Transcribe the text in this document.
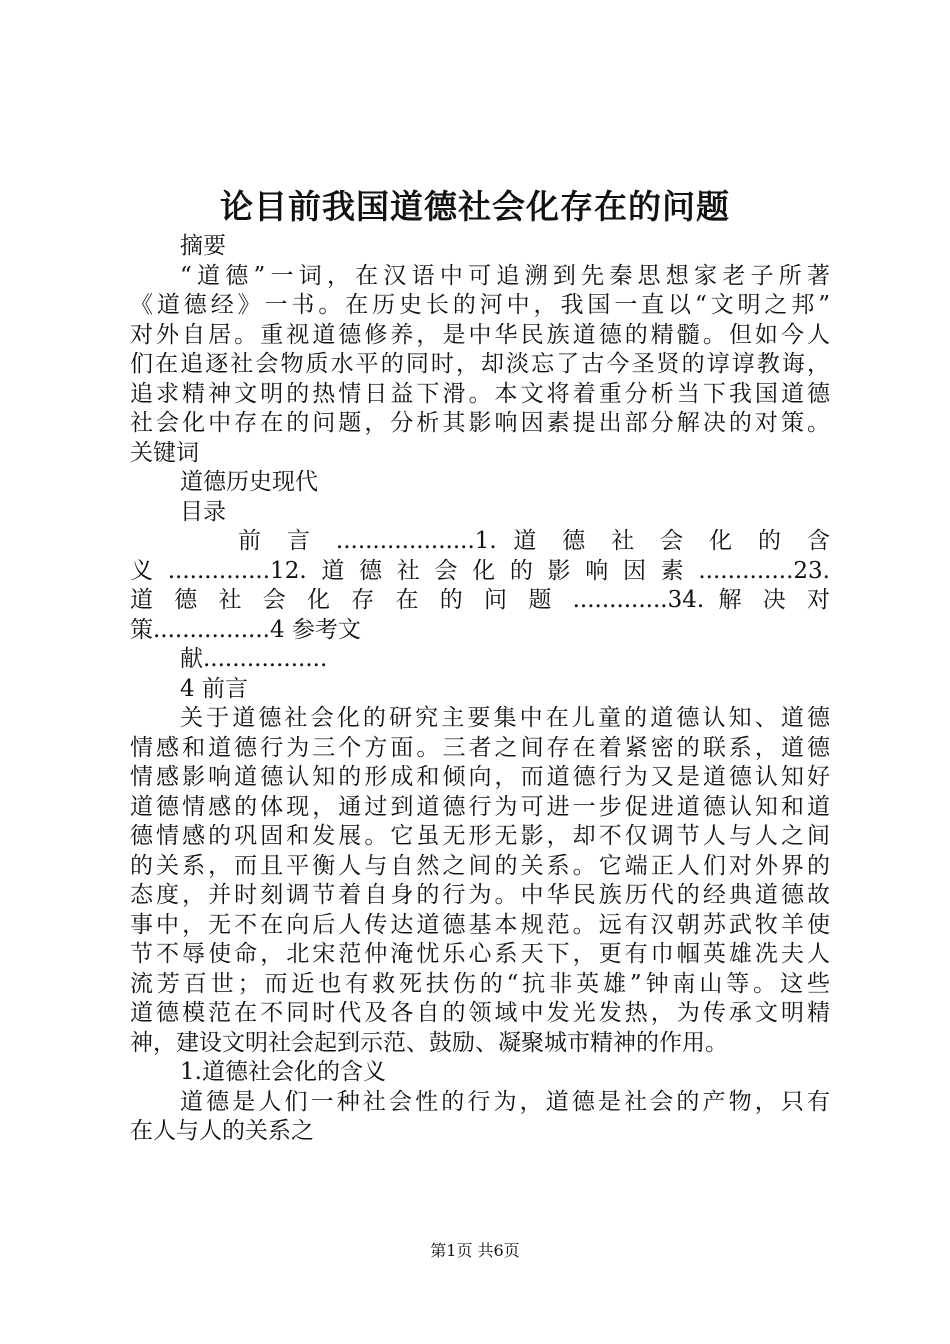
论目前我国道德社会化存在的问题
摘要
“道德”一词，在汉语中可追溯到先秦思想家老子所著
《道德经》一书。在历史长的河中，我国一直以“文明之邦”
对外自居。重视道德修养，是中华民族道德的精髓。但如今人
们在追逐社会物质水平的同时，却淡忘了古今圣贤的谆谆教诲，
追求精神文明的热情日益下滑。本文将着重分析当下我国道德
社会化中存在的问题，分析其影响因素提出部分解决的对策。
关键词
道德历史现代
目录
前 言 ...................1. 道 德 社 会 化 的 含
义..............12.道德社会化的影响因素.............23.
道 德 社 会 化 存 在 的 问 题 .............34. 解 决 对
策................4 参考文
献.................
4 前言
关于道德社会化的研究主要集中在儿童的道德认知、道德
情感和道德行为三个方面。三者之间存在着紧密的联系，道德
情感影响道德认知的形成和倾向，而道德行为又是道德认知好
道德情感的体现，通过到道德行为可进一步促进道德认知和道
德情感的巩固和发展。它虽无形无影，却不仅调节人与人之间
的关系，而且平衡人与自然之间的关系。它端正人们对外界的
态度，并时刻调节着自身的行为。中华民族历代的经典道德故
事中，无不在向后人传达道德基本规范。远有汉朝苏武牧羊使
节不辱使命，北宋范仲淹忧乐心系天下，更有巾帼英雄冼夫人
流芳百世；而近也有救死扶伤的“抗非英雄”钟南山等。这些
道德模范在不同时代及各自的领域中发光发热，为传承文明精
神，建设文明社会起到示范、鼓励、凝聚城市精神的作用。
1.道德社会化的含义
道德是人们一种社会性的行为，道德是社会的产物，只有
在人与人的关系之
第1页 共6页
